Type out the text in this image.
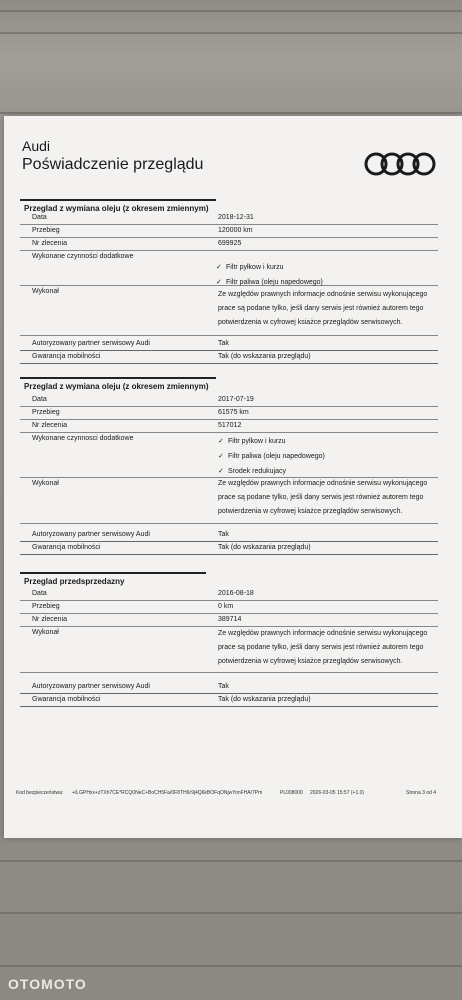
Audi
Poświadczenie przeglądu
Przeglad z wymiana oleju (z okresem zmiennym)
Data	2018-12-31
Przebieg	120000 km
Nr zlecenia	699925
Wykonane czynności dodatkowe
✓ Filtr pyłkow i kurzu
✓ Filtr paliwa (oleju napedowego)
Wykonał	Ze względów prawnych informacje odnośnie serwisu wykonującego
prace są podane tylko, jeśli dany serwis jest również autorem tego
potwierdzenia w cyfrowej ksiażce przeglądów serwisowych.
Autoryzowany partner serwisowy Audi	Tak
Gwarancja mobilności	Tak (do wskazania przeglądu)
Przeglad z wymiana oleju (z okresem zmiennym)
Data	2017-07-19
Przebieg	61575 km
Nr zlecenia	517012
Wykonane czynnosci dodatkowe	✓ Filtr pylkow i kurzu
✓ Filtr paliwa (oleju napedowego)
✓ Srodek redukujacy
Wykonał	Ze względów prawnych informacje odnośnie serwisu wykonującego
prace są podane tylko, jeśli dany serwis jest również autorem tego
potwierdzenia w cyfrowej ksiażce przeglądów serwisowych.
Autoryzowany partner serwisowy Audi	Tak
Gwarancja mobilności	Tak (do wskazania przeglądu)
Przeglad przedsprzedazny
Data	2016-08-18
Przebieg	0 km
Nr zlecenia	389714
Wykonał	Ze względów prawnych informacje odnośnie serwisu wykonującego
prace są podane tylko, jeśli dany serwis jest również autorem tego
potwierdzenia w cyfrowej ksiażce przeglądów serwisowych.
Autoryzowany partner serwisowy Audi	Tak
Gwarancja mobilności	Tak (do wskazania przeglądu)
Kod bezpieczeństwa: +/LGPHxx+zTXh7CE*RCQ0NeC+BoCH5Fa/0F8TH6r9j4Q6kBOFqONjwYonFHA/7Pm	PL008000 2026-03-05 15:57 (+1.0)	Strona 3 od 4
OTOMOTO
